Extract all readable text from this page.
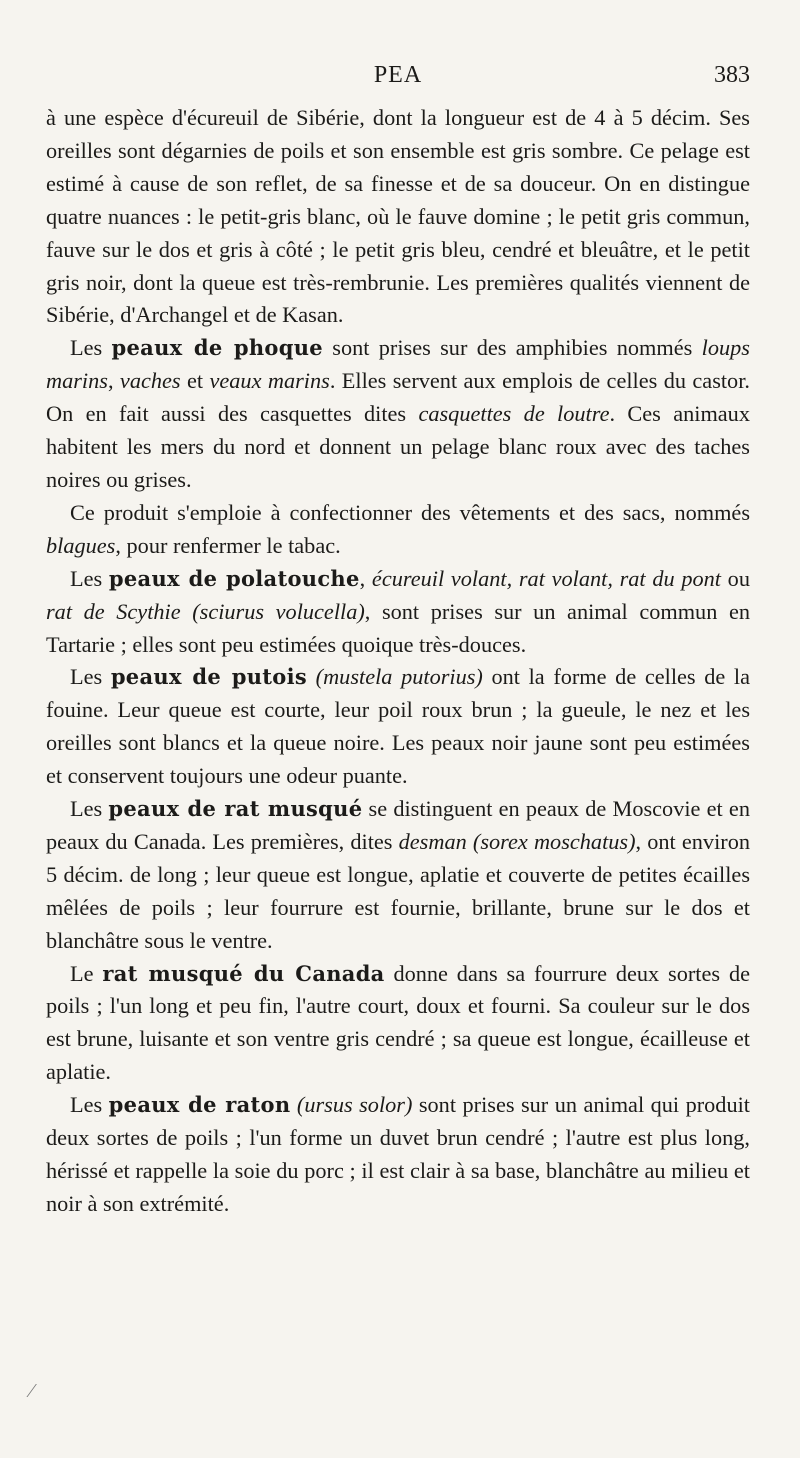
PEA	383

à une espèce d'écureuil de Sibérie, dont la longueur est de 4 à 5 décim. Ses oreilles sont dégarnies de poils et son ensemble est gris sombre. Ce pelage est estimé à cause de son reflet, de sa finesse et de sa douceur. On en distingue quatre nuances : le petit-gris blanc, où le fauve domine ; le petit gris commun, fauve sur le dos et gris à côté ; le petit gris bleu, cendré et bleuâtre, et le petit gris noir, dont la queue est très-rembrunie. Les premières qualités viennent de Sibérie, d'Archangel et de Kasan.

Les peaux de phoque sont prises sur des amphibies nommés loups marins, vaches et veaux marins. Elles servent aux emplois de celles du castor. On en fait aussi des casquettes dites casquettes de loutre. Ces animaux habitent les mers du nord et donnent un pelage blanc roux avec des taches noires ou grises.

Ce produit s'emploie à confectionner des vêtements et des sacs, nommés blagues, pour renfermer le tabac.

Les peaux de polatouche, écureuil volant, rat volant, rat du pont ou rat de Scythie (sciurus volucella), sont prises sur un animal commun en Tartarie ; elles sont peu estimées quoique très-douces.

Les peaux de putois (mustela putorius) ont la forme de celles de la fouine. Leur queue est courte, leur poil roux brun ; la gueule, le nez et les oreilles sont blancs et la queue noire. Les peaux noir jaune sont peu estimées et conservent toujours une odeur puante.

Les peaux de rat musqué se distinguent en peaux de Moscovie et en peaux du Canada. Les premières, dites desman (sorex moschatus), ont environ 5 décim. de long ; leur queue est longue, aplatie et couverte de petites écailles mêlées de poils ; leur fourrure est fournie, brillante, brune sur le dos et blanchâtre sous le ventre.

Le rat musqué du Canada donne dans sa fourrure deux sortes de poils ; l'un long et peu fin, l'autre court, doux et fourni. Sa couleur sur le dos est brune, luisante et son ventre gris cendré ; sa queue est longue, écailleuse et aplatie.

Les peaux de raton (ursus solor) sont prises sur un animal qui produit deux sortes de poils ; l'un forme un duvet brun cendré ; l'autre est plus long, hérissé et rappelle la soie du porc ; il est clair à sa base, blanchâtre au milieu et noir à son extrémité.

⁄
